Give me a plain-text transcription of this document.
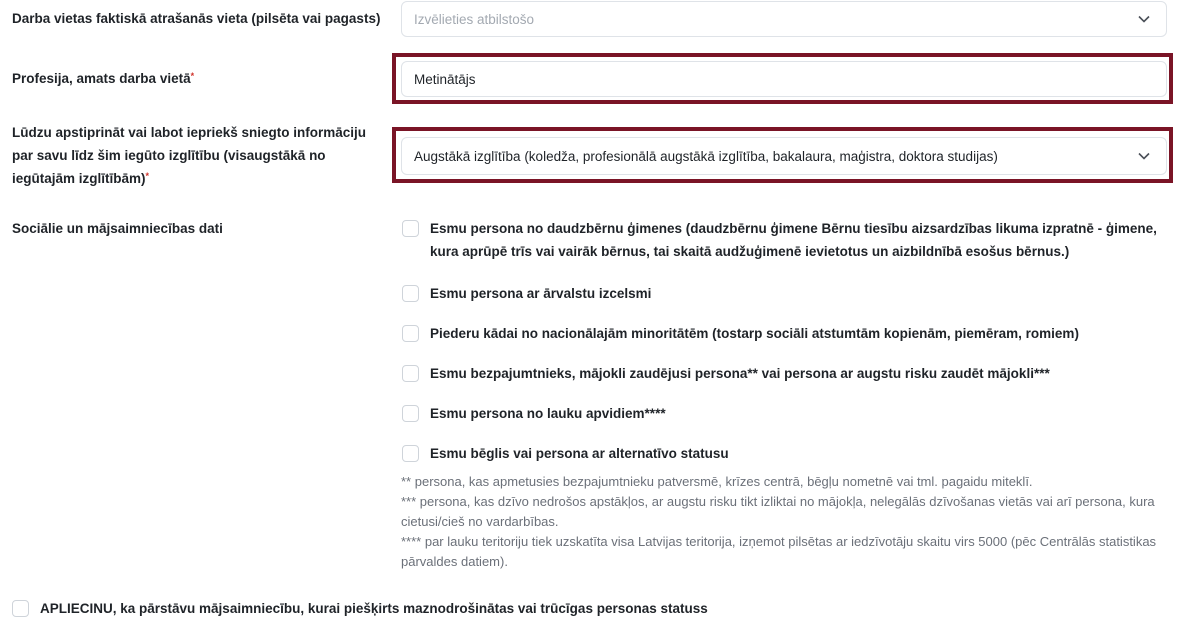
Darba vietas faktiskā atrašanās vieta (pilsēta vai pagasts) Izvēlieties atbilstošo
Profesija, amats darba vietā*	Metinātājs
Lūdzu apstiprināt vai labot iepriekš sniegto informāciju par savu līdz šim iegūto izglītību (visaugstākā no iegūtajām izglītībām)*
Augstākā izglītība (koledža, profesionālā augstākā izglītība, bakalaura, maģistra, doktora studijas)
Sociālie un mājsaimniecības dati	Esmu persona no daudzbērnu ģimenes (daudzbērnu ģimene Bērnu tiesību aizsardzības likuma izpratnē - ģimene, kura aprūpē trīs vai vairāk bērnus, tai skaitā audžuģimenē ievietotus un aizbildnībā esošus bērnus.)
Esmu persona ar ārvalstu izcelsmi
Piederu kādai no nacionālajām minoritātēm (tostarp sociāli atstumtām kopienām, piemēram, romiem)
Esmu bezpajumtnieks, mājokli zaudējusi persona** vai persona ar augstu risku zaudēt mājokli***
Esmu persona no lauku apvidiem****
Esmu bēglis vai persona ar alternatīvo statusu
** persona, kas apmetusies bezpajumtnieku patversmē, krīzes centrā, bēgļu nometnē vai tml. pagaidu miteklī.
*** persona, kas dzīvo nedrošos apstākļos, ar augstu risku tikt izliktai no mājokļa, nelegālās dzīvošanas vietās vai arī persona, kura cietusi/cieš no vardarbības.
**** par lauku teritoriju tiek uzskatīta visa Latvijas teritorija, izņemot pilsētas ar iedzīvotāju skaitu virs 5000 (pēc Centrālās statistikas pārvaldes datiem).
APLIECINU, ka pārstāvu mājsaimniecību, kurai piešķirts maznodrošinātas vai trūcīgas personas statuss
